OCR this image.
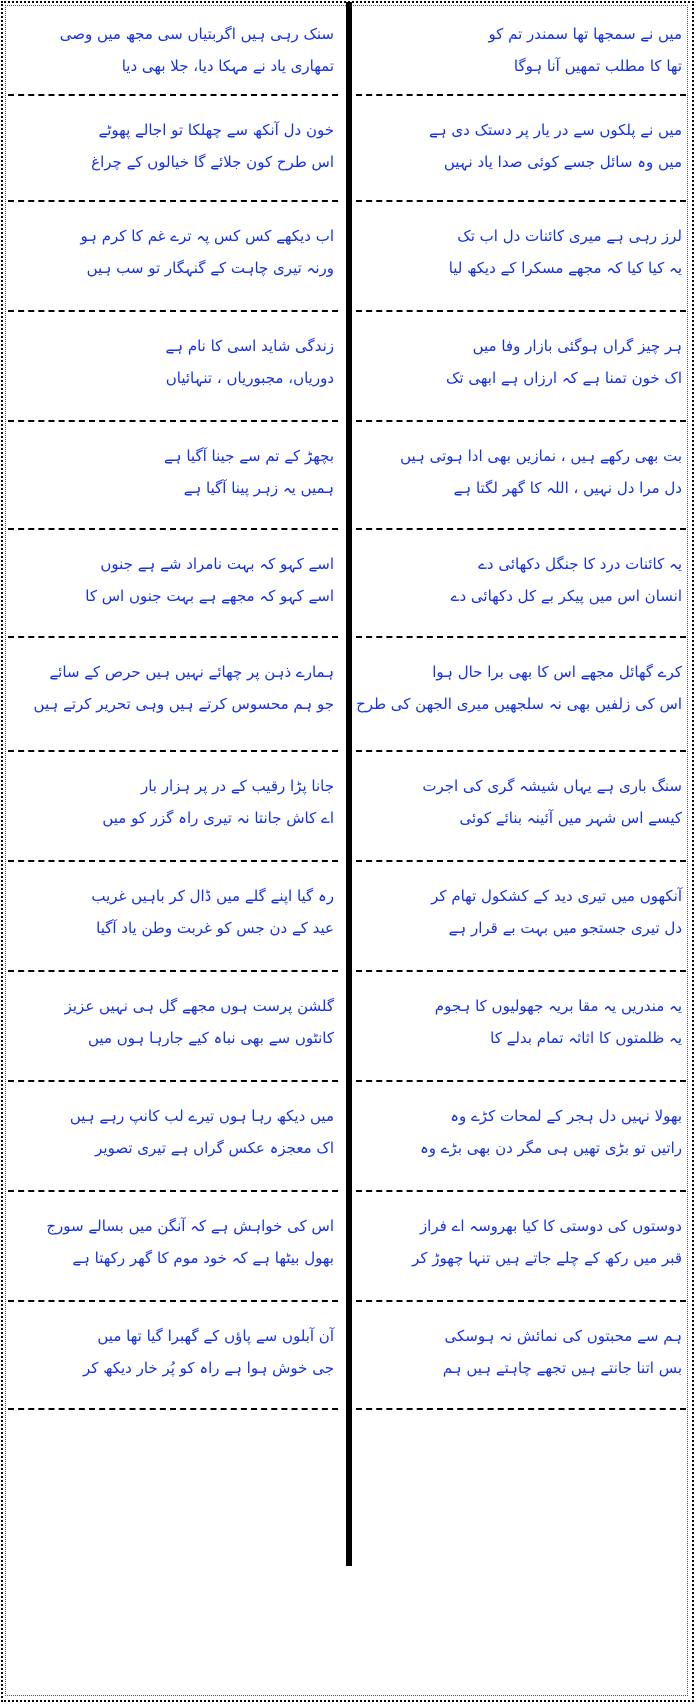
میں نے سمجھا تھا سمندر تم کو
تھا کا مطلب تمھیں آنا ہوگا
میں نے پلکوں سے در یار پر دستک دی ہے
میں وہ سائل جسے کوئی صدا یاد نہیں
لرز رہی ہے میری کائنات دل اب تک
یہ کیا کیا کہ مجھے مسکرا کے دیکھ لیا
ہر چیز گراں ہوگئی بازار وفا میں
اک خون تمنا ہے کہ ارزاں ہے ابھی تک
بت بھی رکھے ہیں ، نمازیں بھی ادا ہوتی ہیں
دل مرا دل نہیں ، اللہ کا گھر لگتا ہے
یہ کائنات درد کا جنگل دکھائی دے
انسان اس میں پیکر بے کل دکھائی دے
کرے گھائل مجھے اس کا بھی برا حال ہوا
اس کی زلفیں بھی نہ سلجھیں میری الجھن کی طرح
سنگ باری ہے یہاں شیشہ گری کی اجرت
کیسے اس شہر میں آئینہ بنائے کوئی
آنکھوں میں تیری دید کے کشکول تھام کر
دل تیری جستجو میں بہت بے قرار ہے
یہ مندریں یہ مقا بریہ جھولیوں کا ہجوم
یہ ظلمتوں کا اثاثہ تمام بدلے کا
بھولا نہیں دل ہجر کے لمحات کڑے وہ
راتیں تو بڑی تھیں ہی مگر دن بھی بڑے وہ
دوستوں کی دوستی کا کیا بھروسہ اے فراز
قبر میں رکھ کے چلے جاتے ہیں تنہا چھوڑ کر
ہم سے محبتوں کی نمائش نہ ہوسکی
بس اتنا جانتے ہیں تجھے چاہتے ہیں ہم
سنک رہی ہیں اگربتیاں سی مجھ میں وصی
تمھاری یاد نے مہکا دیا، جلا بھی دیا
خون دل آنکھ سے چھلکا تو اجالے پھوٹے
اس طرح کون جلائے گا خیالوں کے چراغ
اب دیکھے کس کس پہ ترے غم کا کرم ہو
ورنہ تیری چاہت کے گنہگار تو سب ہیں
زندگی شاید اسی کا نام ہے
دوریاں، مجبوریاں ، تنہائیاں
بچھڑ کے تم سے جینا آگیا ہے
ہمیں یہ زہر پینا آگیا ہے
اسے کہو کہ بہت نامراد شے ہے جنوں
اسے کہو کہ مجھے ہے بہت جنوں اس کا
ہمارے ذہن پر چھائے نہیں ہیں حرص کے سائے
جو ہم محسوس کرتے ہیں وہی تحریر کرتے ہیں
جانا پڑا رقیب کے در پر ہزار بار
اے کاش جانتا نہ تیری راہ گزر کو میں
رہ گیا اپنے گلے میں ڈال کر باہیں غریب
عید کے دن جس کو غربت وطن یاد آگیا
گلشن پرست ہوں مجھے گل ہی نہیں عزیز
کانٹوں سے بھی نباہ کیے جارہا ہوں میں
میں دیکھ رہا ہوں تیرے لب کانپ رہے ہیں
اک معجزہ عکس گراں ہے تیری تصویر
اس کی خواہش ہے کہ آنگن میں بسالے سورج
بھول بیٹھا ہے کہ خود موم کا گھر رکھتا ہے
آن آبلوں سے پاؤں کے گھبرا گیا تھا میں
جی خوش ہوا ہے راہ کو پُر خار دیکھ کر
